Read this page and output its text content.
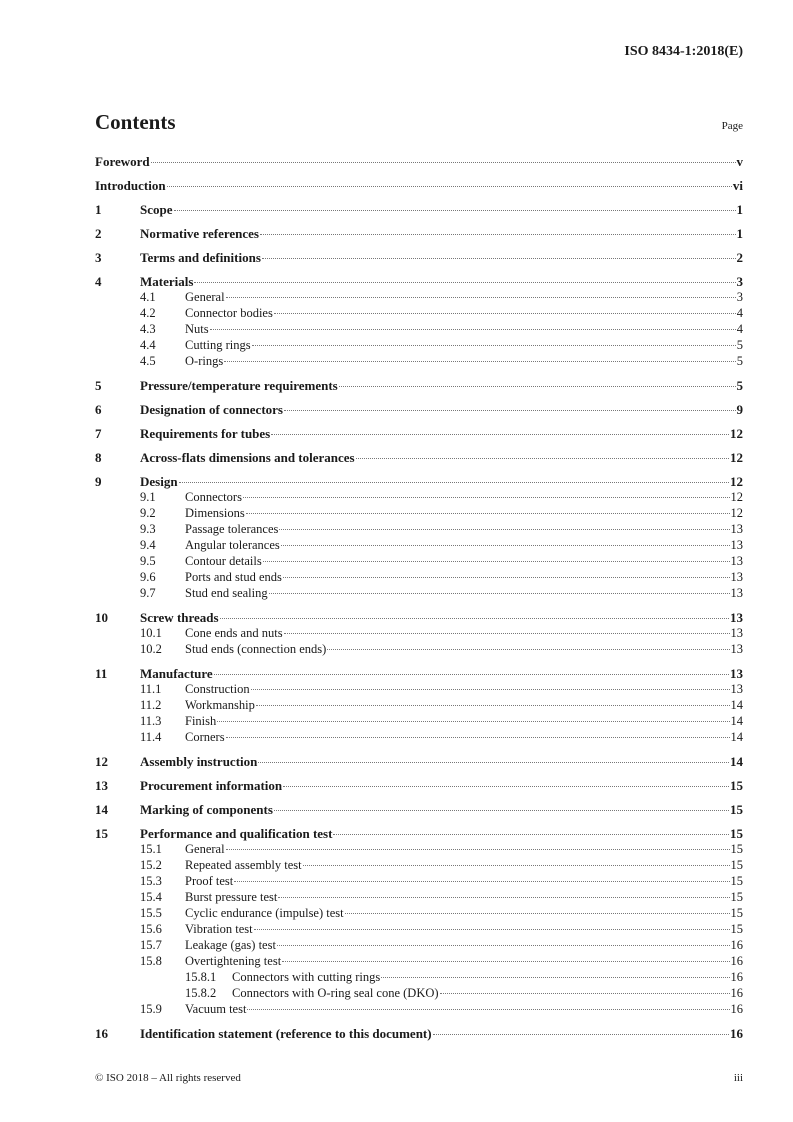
ISO 8434-1:2018(E)
Contents	Page
Foreword	v
Introduction	vi
1	Scope	1
2	Normative references	1
3	Terms and definitions	2
4	Materials	3
4.1	General	3
4.2	Connector bodies	4
4.3	Nuts	4
4.4	Cutting rings	5
4.5	O-rings	5
5	Pressure/temperature requirements	5
6	Designation of connectors	9
7	Requirements for tubes	12
8	Across-flats dimensions and tolerances	12
9	Design	12
9.1	Connectors	12
9.2	Dimensions	12
9.3	Passage tolerances	13
9.4	Angular tolerances	13
9.5	Contour details	13
9.6	Ports and stud ends	13
9.7	Stud end sealing	13
10	Screw threads	13
10.1	Cone ends and nuts	13
10.2	Stud ends (connection ends)	13
11	Manufacture	13
11.1	Construction	13
11.2	Workmanship	14
11.3	Finish	14
11.4	Corners	14
12	Assembly instruction	14
13	Procurement information	15
14	Marking of components	15
15	Performance and qualification test	15
15.1	General	15
15.2	Repeated assembly test	15
15.3	Proof test	15
15.4	Burst pressure test	15
15.5	Cyclic endurance (impulse) test	15
15.6	Vibration test	15
15.7	Leakage (gas) test	16
15.8	Overtightening test	16
15.8.1	Connectors with cutting rings	16
15.8.2	Connectors with O-ring seal cone (DKO)	16
15.9	Vacuum test	16
16	Identification statement (reference to this document)	16
© ISO 2018 – All rights reserved	iii
